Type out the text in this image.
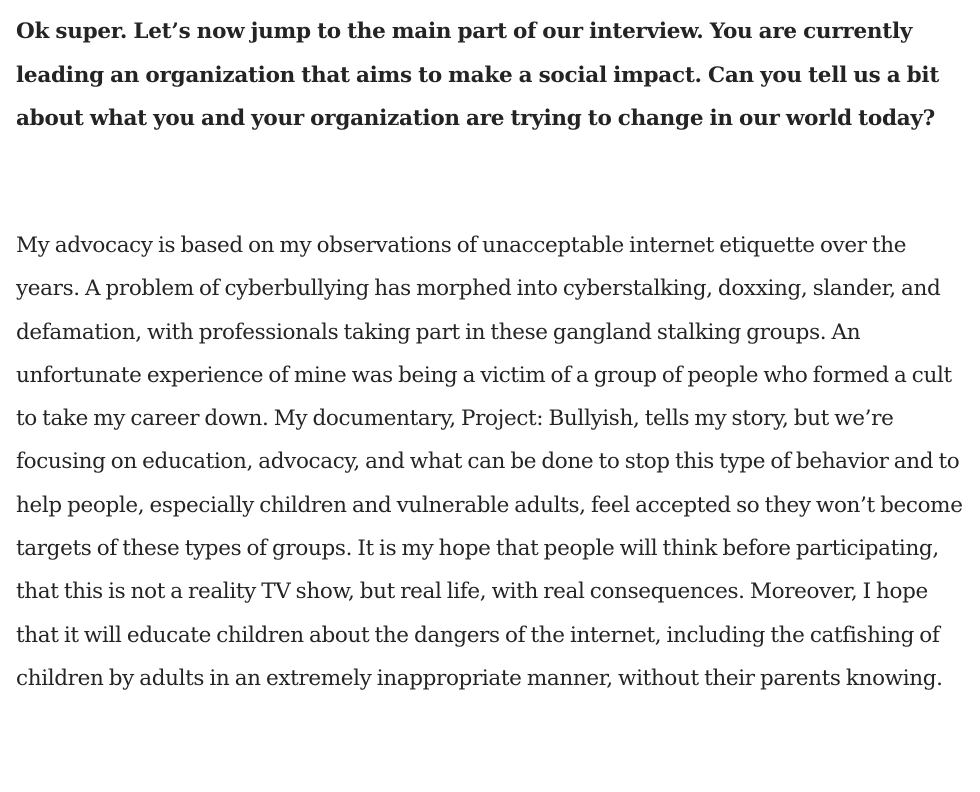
Ok super. Let’s now jump to the main part of our interview. You are currently leading an organization that aims to make a social impact. Can you tell us a bit about what you and your organization are trying to change in our world today?

My advocacy is based on my observations of unacceptable internet etiquette over the years. A problem of cyberbullying has morphed into cyberstalking, doxxing, slander, and defamation, with professionals taking part in these gangland stalking groups. An unfortunate experience of mine was being a victim of a group of people who formed a cult to take my career down. My documentary, Project: Bullyish, tells my story, but we’re focusing on education, advocacy, and what can be done to stop this type of behavior and to help people, especially children and vulnerable adults, feel accepted so they won’t become targets of these types of groups. It is my hope that people will think before participating, that this is not a reality TV show, but real life, with real consequences. Moreover, I hope that it will educate children about the dangers of the internet, including the catfishing of children by adults in an extremely inappropriate manner, without their parents knowing.
